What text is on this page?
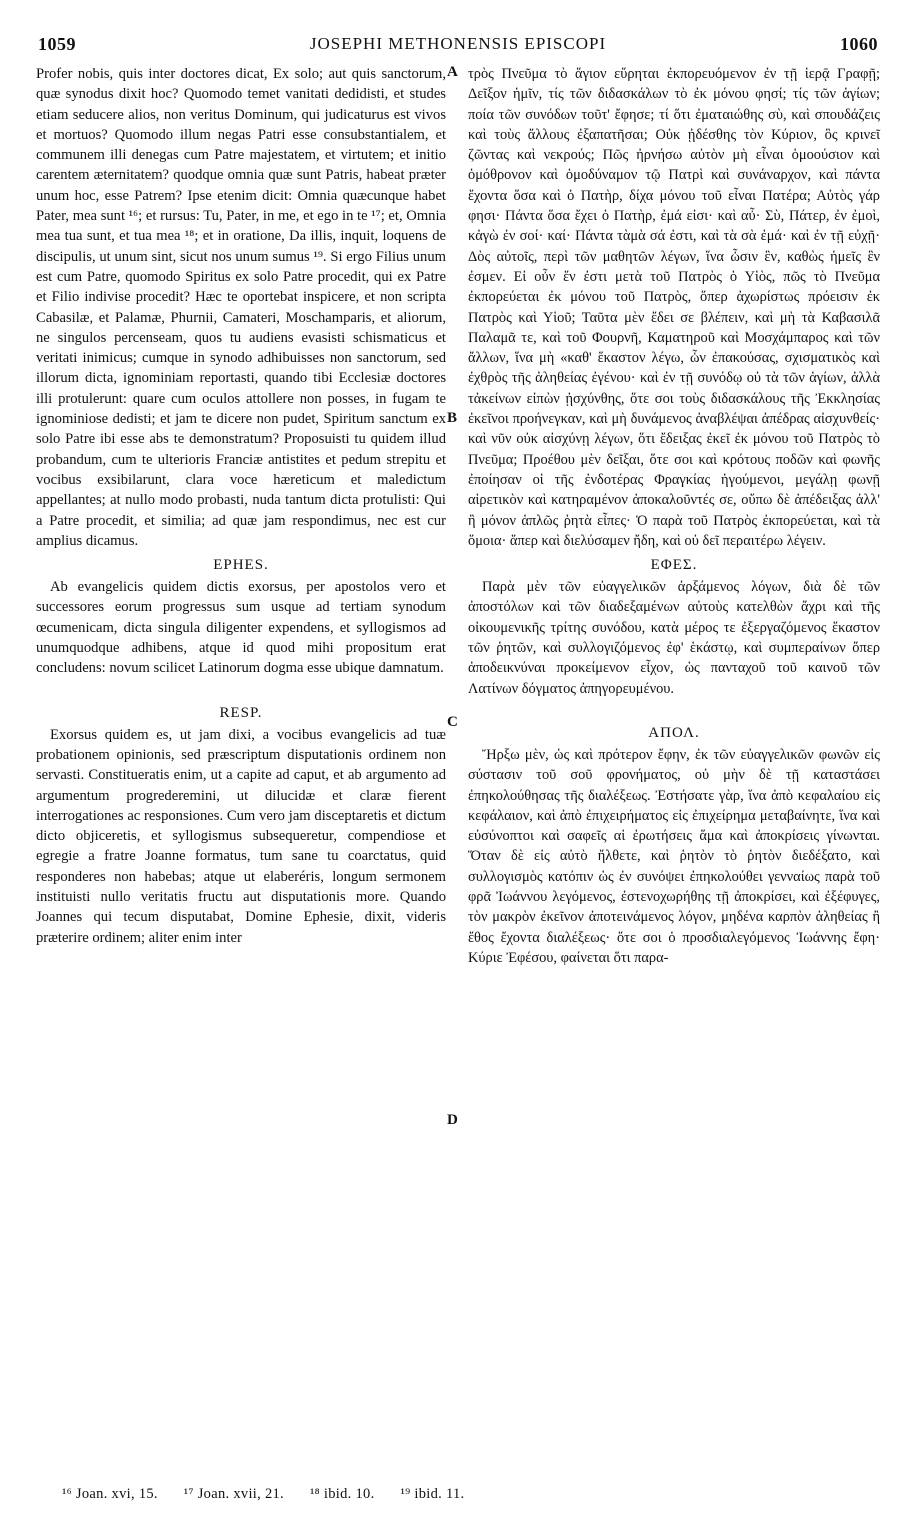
1059	JOSEPHI METHONENSIS EPISCOPI	1060
A
B
C
D

Profer nobis, quis inter doctores dicat, Ex solo; aut quis sanctorum, quæ synodus dixit hoc? Quomodo temet vanitati dedidisti, et studes etiam seducere alios, non veritus Dominum, qui judicaturus est vivos et mortuos? Quomodo illum negas Patri esse consubstantialem, et communem illi denegas cum Patre majestatem, et virtutem; et initio carentem æternitatem? quodque omnia quæ sunt Patris, habeat præter unum hoc, esse Patrem? Ipse etenim dicit: Omnia quæcunque habet Pater, mea sunt ¹⁶; et rursus: Tu, Pater, in me, et ego in te ¹⁷; et, Omnia mea tua sunt, et tua mea ¹⁸; et in oratione, Da illis, inquit, loquens de discipulis, ut unum sint, sicut nos unum sumus ¹⁹. Si ergo Filius unum est cum Patre, quomodo Spiritus ex solo Patre procedit, qui ex Patre et Filio indivise procedit? Hæc te oportebat inspicere, et non scripta Cabasilæ, et Palamæ, Phurnii, Camateri, Moschamparis, et aliorum, ne singulos percenseam, quos tu audiens evasisti schismaticus et veritati inimicus; cumque in synodo adhibuisses non sanctorum, sed illorum dicta, ignominiam reportasti, quando tibi Ecclesiæ doctores illi protulerunt: quare cum oculos attollere non posses, in fugam te ignominiose dedisti; et jam te dicere non pudet, Spiritum sanctum ex solo Patre ibi esse abs te demonstratum? Proposuisti tu quidem illud probandum, cum te ulterioris Franciæ antistites et pedum strepitu et vocibus exsibilarunt, clara voce hæreticum et maledictum appellantes; at nullo modo probasti, nuda tantum dicta protulisti: Qui a Patre procedit, et similia; ad quæ jam respondimus, nec est cur amplius dicamus.

EPHES.

Ab evangelicis quidem dictis exorsus, per apostolos vero et successores eorum progressus sum usque ad tertiam synodum œcumenicam, dicta singula diligenter expendens, et syllogismos ad unumquodque adhibens, atque id quod mihi propositum erat concludens: novum scilicet Latinorum dogma esse ubique damnatum.

RESP.

Exorsus quidem es, ut jam dixi, a vocibus evangelicis ad tuæ probationem opinionis, sed præscriptum disputationis ordinem non servasti. Constitueratis enim, ut a capite ad caput, et ab argumento ad argumentum progrederemini, ut dilucidæ et claræ fierent interrogationes ac responsiones. Cum vero jam disceptaretis et dictum dicto objiceretis, et syllogismus subsequeretur, compendiose et egregie a fratre Joanne formatus, tum sane tu coarctatus, quid responderes non habebas; atque ut elaberéris, longum sermonem instituisti nullo veritatis fructu aut disputationis more. Quando Joannes qui tecum disputabat, Domine Ephesie, dixit, videris præterire ordinem; aliter enim inter

τρὸς Πνεῦμα τὸ ἅγιον εὕρηται ἐκπορευόμενον ἐν τῇ ἱερᾷ Γραφῇ; Δεῖξον ἡμῖν, τίς τῶν διδασκάλων τὸ ἐκ μόνου φησί; τίς τῶν ἁγίων; ποία τῶν συνόδων τοῦτ' ἔφησε; τί ὅτι ἐματαιώθης σὺ, καὶ σπουδάζεις καὶ τοὺς ἄλλους ἐξαπατῆσαι; Οὐκ ᾐδέσθης τὸν Κύριον, ὃς κρινεῖ ζῶντας καὶ νεκρούς; Πῶς ἠρνήσω αὐτὸν μὴ εἶναι ὁμοούσιον καὶ ὁμόθρονον καὶ ὁμοδύναμον τῷ Πατρὶ καὶ συνάναρχον, καὶ πάντα ἔχοντα ὅσα καὶ ὁ Πατὴρ, δίχα μόνου τοῦ εἶναι Πατέρα; Αὐτὸς γάρ φησι· Πάντα ὅσα ἔχει ὁ Πατὴρ, ἐμά εἰσι· καὶ αὖ· Σὺ, Πάτερ, ἐν ἐμοὶ, κἀγὼ ἐν σοί· καί· Πάντα τὰμὰ σά ἐστι, καὶ τὰ σὰ ἐμά· καὶ ἐν τῇ εὐχῇ· Δὸς αὐτοῖς, περὶ τῶν μαθητῶν λέγων, ἵνα ὦσιν ἓν, καθὼς ἡμεῖς ἓν ἐσμεν. Εἰ οὖν ἕν ἐστι μετὰ τοῦ Πατρὸς ὁ Υἱὸς, πῶς τὸ Πνεῦμα ἐκπορεύεται ἐκ μόνου τοῦ Πατρὸς, ὅπερ ἀχωρίστως πρόεισιν ἐκ Πατρὸς καὶ Υἱοῦ; Ταῦτα μὲν ἔδει σε βλέπειν, καὶ μὴ τὰ Καβασιλᾶ Παλαμᾶ τε, καὶ τοῦ Φουρνῆ, Καματηροῦ καὶ Μοσχάμπαρος καὶ τῶν ἄλλων, ἵνα μὴ «καθ' ἕκαστον λέγω, ὧν ἐπακούσας, σχισματικὸς καὶ ἐχθρὸς τῆς ἀληθείας ἐγένου· καὶ ἐν τῇ συνόδῳ οὐ τὰ τῶν ἁγίων, ἀλλὰ τἀκείνων εἰπὼν ᾐσχύνθης, ὅτε σοι τοὺς διδασκάλους τῆς Ἐκκλησίας ἐκεῖνοι προήνεγκαν, καὶ μὴ δυνάμενος ἀναβλέψαι ἀπέδρας αἰσχυνθείς· καὶ νῦν οὐκ αἰσχύνῃ λέγων, ὅτι ἔδειξας ἐκεῖ ἐκ μόνου τοῦ Πατρὸς τὸ Πνεῦμα; Προέθου μὲν δεῖξαι, ὅτε σοι καὶ κρότους ποδῶν καὶ φωνῆς ἐποίησαν οἱ τῆς ἐνδοτέρας Φραγκίας ἡγούμενοι, μεγάλῃ φωνῇ αἱρετικὸν καὶ κατηραμένον ἀποκαλοῦντές σε, οὔπω δὲ ἀπέδειξας ἀλλ' ἢ μόνον ἁπλῶς ῥητὰ εἶπες· Ὁ παρὰ τοῦ Πατρὸς ἐκπορεύεται, καὶ τὰ ὅμοια· ἅπερ καὶ διελύσαμεν ἤδη, καὶ οὐ δεῖ περαιτέρω λέγειν.

ΕΦΕΣ.

Παρὰ μὲν τῶν εὐαγγελικῶν ἀρξάμενος λόγων, διὰ δὲ τῶν ἀποστόλων καὶ τῶν διαδεξαμένων αὐτοὺς κατελθὼν ἄχρι καὶ τῆς οἰκουμενικῆς τρίτης συνόδου, κατὰ μέρος τε ἐξεργαζόμενος ἕκαστον τῶν ῥητῶν, καὶ συλλογιζόμενος ἐφ' ἑκάστῳ, καὶ συμπεραίνων ὅπερ ἀποδεικνύναι προκείμενον εἶχον, ὡς πανταχοῦ τοῦ καινοῦ τῶν Λατίνων δόγματος ἀπηγορευμένου.

ΑΠΟΛ.

Ἤρξω μὲν, ὡς καὶ πρότερον ἔφην, ἐκ τῶν εὐαγγελικῶν φωνῶν εἰς σύστασιν τοῦ σοῦ φρονήματος, οὐ μὴν δὲ τῇ καταστάσει ἐπηκολούθησας τῆς διαλέξεως. Ἐστήσατε γὰρ, ἵνα ἀπὸ κεφαλαίου εἰς κεφάλαιον, καὶ ἀπὸ ἐπιχειρήματος εἰς ἐπιχείρημα μεταβαίνητε, ἵνα καὶ εὐσύνοπτοι καὶ σαφεῖς αἱ ἐρωτήσεις ἅμα καὶ ἀποκρίσεις γίνωνται. Ὅταν δὲ εἰς αὐτὸ ἤλθετε, καὶ ῥητὸν τὸ ῥητὸν διεδέξατο, καὶ συλλογισμὸς κατόπιν ὡς ἐν συνόψει ἐπηκολούθει γενναίως παρὰ τοῦ φρᾶ Ἰωάννου λεγόμενος, ἐστενοχωρήθης τῇ ἀποκρίσει, καὶ ἐξέφυγες, τὸν μακρὸν ἐκεῖνον ἀποτεινάμενος λόγον, μηδένα καρπὸν ἀληθείας ἢ ἔθος ἔχοντα διαλέξεως· ὅτε σοι ὁ προσδιαλεγόμενος Ἰωάννης ἔφη· Κύριε Ἐφέσου, φαίνεται ὅτι παρα-

¹⁶ Joan. xvi, 15. ¹⁷ Joan. xvii, 21. ¹⁸ ibid. 10. ¹⁹ ibid. 11.
